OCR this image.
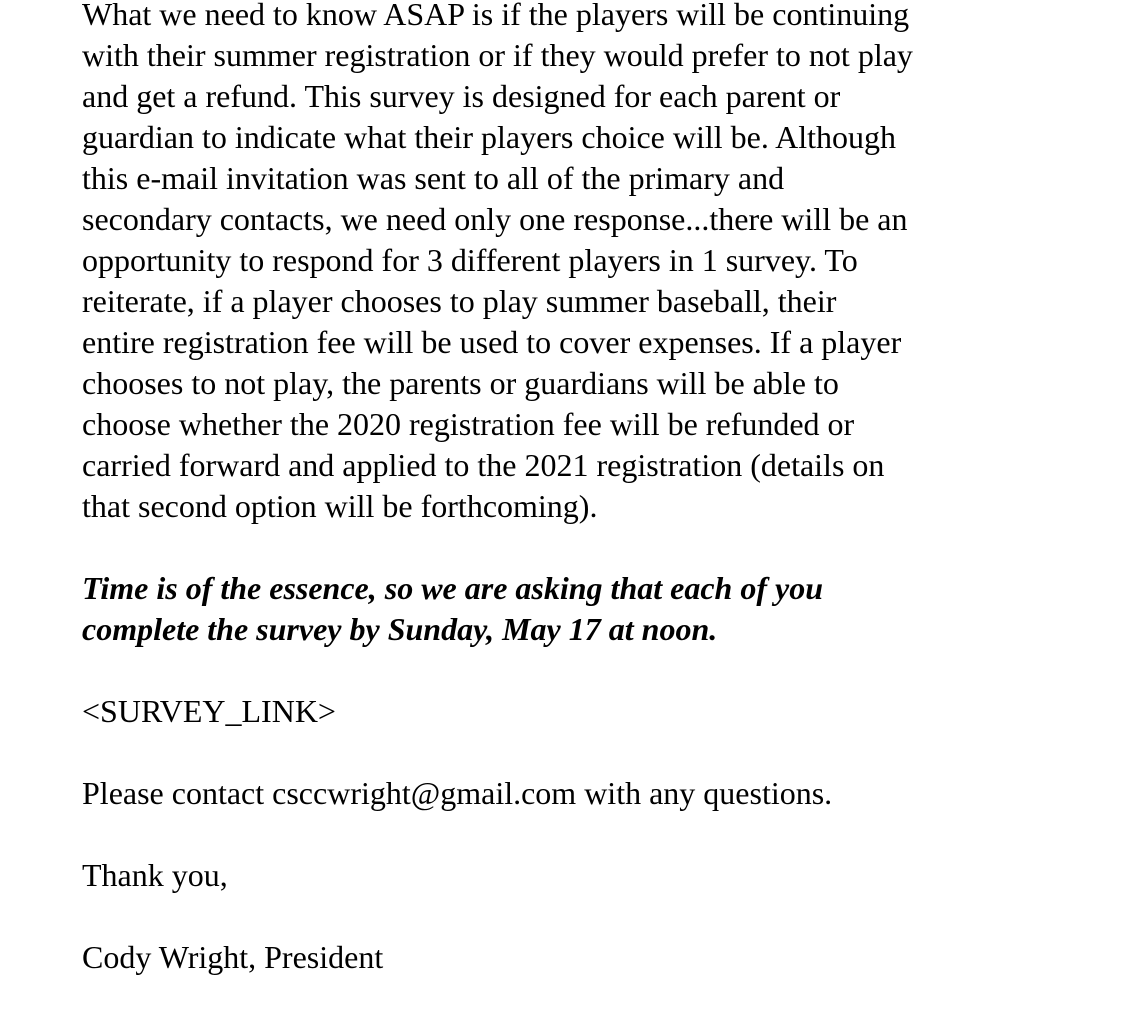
What we need to know ASAP is if the players will be continuing
with their summer registration or if they would prefer to not play
and get a refund. This survey is designed for each parent or
guardian to indicate what their players choice will be. Although
this e-mail invitation was sent to all of the primary and
secondary contacts, we need only one response...there will be an
opportunity to respond for 3 different players in 1 survey. To
reiterate, if a player chooses to play summer baseball, their
entire registration fee will be used to cover expenses. If a player
chooses to not play, the parents or guardians will be able to
choose whether the 2020 registration fee will be refunded or
carried forward and applied to the 2021 registration (details on
that second option will be forthcoming).

Time is of the essence, so we are asking that each of you
complete the survey by Sunday, May 17 at noon.

<SURVEY_LINK>

Please contact csccwright@gmail.com with any questions.

Thank you,

Cody Wright, President
